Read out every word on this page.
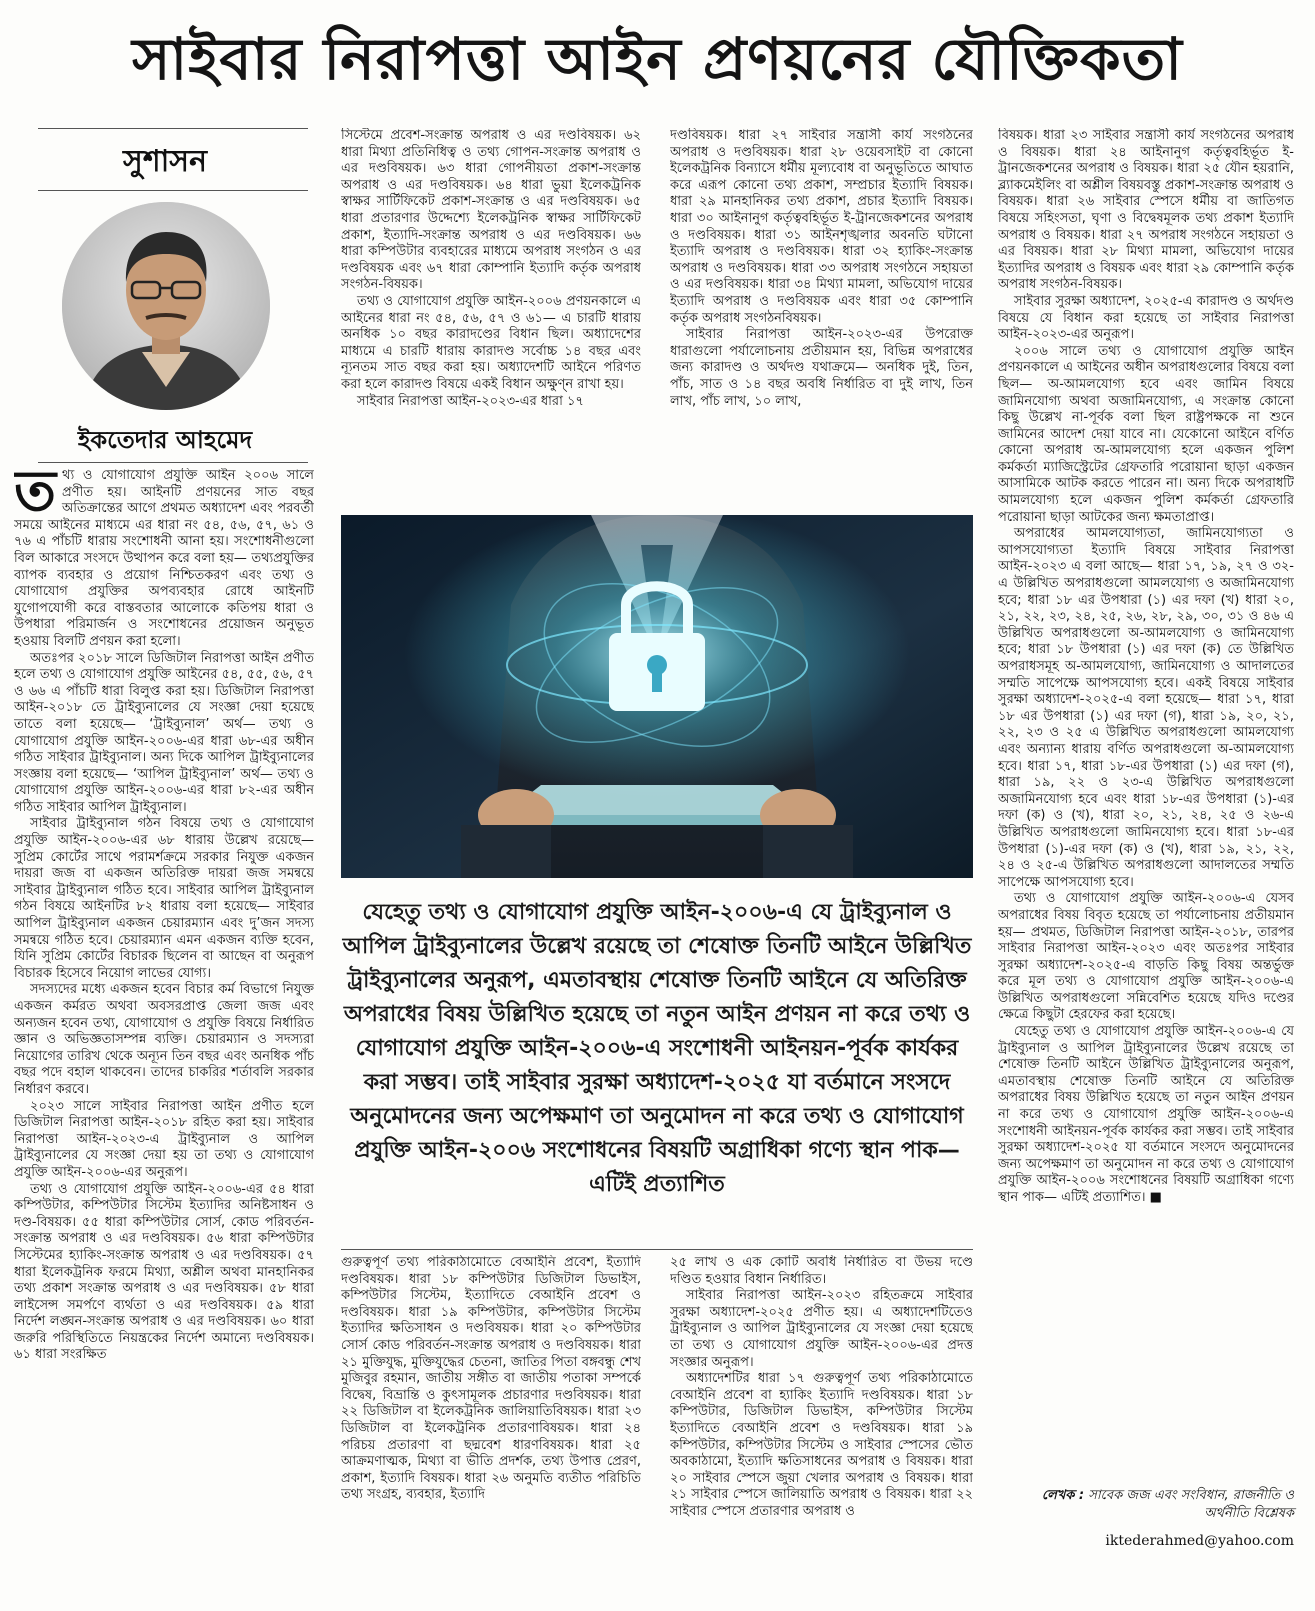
সাইবার নিরাপত্তা আইন প্রণয়নের যৌক্তিকতা
সুশাসন
ইকতেদার আহমেদ

তথ্য ও যোগাযোগ প্রযুক্তি আইন ২০০৬ সালে প্রণীত হয়। আইনটি প্রণয়নের সাত বছর অতিক্রান্তের আগে প্রথমত অধ্যাদেশ এবং পরবর্তী সময়ে আইনের মাধ্যমে এর ধারা নং ৫৪, ৫৬, ৫৭, ৬১ ও ৭৬ এ পাঁচটি ধারায় সংশোধনী আনা হয়। সংশোধনীগুলো বিল আকারে সংসদে উত্থাপন করে বলা হয়— তথ্যপ্রযুক্তির ব্যাপক ব্যবহার ও প্রয়োগ নিশ্চিতকরণ এবং তথ্য ও যোগাযোগ প্রযুক্তির অপব্যবহার রোধে আইনটি যুগোপযোগী করে বাস্তবতার আলোকে কতিপয় ধারা ও উপধারা পরিমার্জন ও সংশোধনের প্রয়োজন অনুভূত হওয়ায় বিলটি প্রণয়ন করা হলো।

অতঃপর ২০১৮ সালে ডিজিটাল নিরাপত্তা আইন প্রণীত হলে তথ্য ও যোগাযোগ প্রযুক্তি আইনের ৫৪, ৫৫, ৫৬, ৫৭ ও ৬৬ এ পাঁচটি ধারা বিলুপ্ত করা হয়। ডিজিটাল নিরাপত্তা আইন-২০১৮ তে ট্রাইব্যুনালের যে সংজ্ঞা দেয়া হয়েছে তাতে বলা হয়েছে— ‘ট্রাইব্যুনাল’ অর্থ— তথ্য ও যোগাযোগ প্রযুক্তি আইন-২০০৬-এর ধারা ৬৮-এর অধীন গঠিত সাইবার ট্রাইব্যুনাল। অন্য দিকে আপিল ট্রাইব্যুনালের সংজ্ঞায় বলা হয়েছে— ‘আপিল ট্রাইব্যুনাল’ অর্থ— তথ্য ও যোগাযোগ প্রযুক্তি আইন-২০০৬-এর ধারা ৮২-এর অধীন গঠিত সাইবার আপিল ট্রাইব্যুনাল।

সাইবার ট্রাইব্যুনাল গঠন বিষয়ে তথ্য ও যোগাযোগ প্রযুক্তি আইন-২০০৬-এর ৬৮ ধারায় উল্লেখ রয়েছে— সুপ্রিম কোর্টের সাথে পরামর্শক্রমে সরকার নিযুক্ত একজন দায়রা জজ বা একজন অতিরিক্ত দায়রা জজ সমন্বয়ে সাইবার ট্রাইব্যুনাল গঠিত হবে। সাইবার আপিল ট্রাইব্যুনাল গঠন বিষয়ে আইনটির ৮২ ধারায় বলা হয়েছে— সাইবার আপিল ট্রাইব্যুনাল একজন চেয়ারম্যান এবং দু’জন সদস্য সমন্বয়ে গঠিত হবে। চেয়ারম্যান এমন একজন ব্যক্তি হবেন, যিনি সুপ্রিম কোর্টের বিচারক ছিলেন বা আছেন বা অনুরূপ বিচারক হিসেবে নিয়োগ লাভের যোগ্য।

সদস্যদের মধ্যে একজন হবেন বিচার কর্ম বিভাগে নিযুক্ত একজন কর্মরত অথবা অবসরপ্রাপ্ত জেলা জজ এবং অন্যজন হবেন তথ্য, যোগাযোগ ও প্রযুক্তি বিষয়ে নির্ধারিত জ্ঞান ও অভিজ্ঞতাসম্পন্ন ব্যক্তি। চেয়ারম্যান ও সদস্যরা নিয়োগের তারিখ থেকে অন্যূন তিন বছর এবং অনধিক পাঁচ বছর পদে বহাল থাকবেন। তাদের চাকরির শর্তাবলি সরকার নির্ধারণ করবে।

২০২৩ সালে সাইবার নিরাপত্তা আইন প্রণীত হলে ডিজিটাল নিরাপত্তা আইন-২০১৮ রহিত করা হয়। সাইবার নিরাপত্তা আইন-২০২৩-এ ট্রাইব্যুনাল ও আপিল ট্রাইব্যুনালের যে সংজ্ঞা দেয়া হয় তা তথ্য ও যোগাযোগ প্রযুক্তি আইন-২০০৬-এর অনুরূপ।

তথ্য ও যোগাযোগ প্রযুক্তি আইন-২০০৬-এর ৫৪ ধারা কম্পিউটার, কম্পিউটার সিস্টেম ইত্যাদির অনিষ্টসাধন ও দণ্ড-বিষয়ক। ৫৫ ধারা কম্পিউটার সোর্স, কোড পরিবর্তন-সংক্রান্ত অপরাধ ও এর দণ্ডবিষয়ক। ৫৬ ধারা কম্পিউটার সিস্টেমের হ্যাকিং-সংক্রান্ত অপরাধ ও এর দণ্ডবিষয়ক। ৫৭ ধারা ইলেকট্রনিক ফরমে মিথ্যা, অশ্লীল অথবা মানহানিকর তথ্য প্রকাশ সংক্রান্ত অপরাধ ও এর দণ্ডবিষয়ক। ৫৮ ধারা লাইসেন্স সমর্পণে ব্যর্থতা ও এর দণ্ডবিষয়ক। ৫৯ ধারা নির্দেশ লঙ্ঘন-সংক্রান্ত অপরাধ ও এর দণ্ডবিষয়ক। ৬০ ধারা জরুরি পরিস্থিতিতে নিয়ন্ত্রকের নির্দেশ অমান্যে দণ্ডবিষয়ক। ৬১ ধারা সংরক্ষিত

সিস্টেমে প্রবেশ-সংক্রান্ত অপরাধ ও এর দণ্ডবিষয়ক। ৬২ ধারা মিথ্যা প্রতিনিধিত্ব ও তথ্য গোপন-সংক্রান্ত অপরাধ ও এর দণ্ডবিষয়ক। ৬৩ ধারা গোপনীয়তা প্রকাশ-সংক্রান্ত অপরাধ ও এর দণ্ডবিষয়ক। ৬৪ ধারা ভুয়া ইলেকট্রনিক স্বাক্ষর সার্টিফিকেট প্রকাশ-সংক্রান্ত ও এর দণ্ডবিষয়ক। ৬৫ ধারা প্রতারণার উদ্দেশ্যে ইলেকট্রনিক স্বাক্ষর সার্টিফিকেট প্রকাশ, ইত্যাদি-সংক্রান্ত অপরাধ ও এর দণ্ডবিষয়ক। ৬৬ ধারা কম্পিউটার ব্যবহারের মাধ্যমে অপরাধ সংগঠন ও এর দণ্ডবিষয়ক এবং ৬৭ ধারা কোম্পানি ইত্যাদি কর্তৃক অপরাধ সংগঠন-বিষয়ক।

তথ্য ও যোগাযোগ প্রযুক্তি আইন-২০০৬ প্রণয়নকালে এ আইনের ধারা নং ৫৪, ৫৬, ৫৭ ও ৬১— এ চারটি ধারায় অনধিক ১০ বছর কারাদণ্ডের বিধান ছিল। অধ্যাদেশের মাধ্যমে এ চারটি ধারায় কারাদণ্ড সর্বোচ্চ ১৪ বছর এবং ন্যূনতম সাত বছর করা হয়। অধ্যাদেশটি আইনে পরিণত করা হলে কারাদণ্ড বিষয়ে একই বিধান অক্ষুণ্ন রাখা হয়।

সাইবার নিরাপত্তা আইন-২০২৩-এর ধারা ১৭

দণ্ডবিষয়ক। ধারা ২৭ সাইবার সন্ত্রাসী কার্য সংগঠনের অপরাধ ও দণ্ডবিষয়ক। ধারা ২৮ ওয়েবসাইট বা কোনো ইলেকট্রনিক বিন্যাসে ধর্মীয় মূল্যবোধ বা অনুভূতিতে আঘাত করে এরূপ কোনো তথ্য প্রকাশ, সম্প্রচার ইত্যাদি বিষয়ক। ধারা ২৯ মানহানিকর তথ্য প্রকাশ, প্রচার ইত্যাদি বিষয়ক। ধারা ৩০ আইনানুগ কর্তৃত্ববহির্ভূত ই-ট্রানজেকশনের অপরাধ ও দণ্ডবিষয়ক। ধারা ৩১ আইনশৃঙ্খলার অবনতি ঘটানো ইত্যাদি অপরাধ ও দণ্ডবিষয়ক। ধারা ৩২ হ্যাকিং-সংক্রান্ত অপরাধ ও দণ্ডবিষয়ক। ধারা ৩৩ অপরাধ সংগঠনে সহায়তা ও এর দণ্ডবিষয়ক। ধারা ৩৪ মিথ্যা মামলা, অভিযোগ দায়ের ইত্যাদি অপরাধ ও দণ্ডবিষয়ক এবং ধারা ৩৫ কোম্পানি কর্তৃক অপরাধ সংগঠনবিষয়ক।

সাইবার নিরাপত্তা আইন-২০২৩-এর উপরোক্ত ধারাগুলো পর্যালোচনায় প্রতীয়মান হয়, বিভিন্ন অপরাধের জন্য কারাদণ্ড ও অর্থদণ্ড যথাক্রমে— অনধিক দুই, তিন, পাঁচ, সাত ও ১৪ বছর অবধি নির্ধারিত বা দুই লাখ, তিন লাখ, পাঁচ লাখ, ১০ লাখ,

যেহেতু তথ্য ও যোগাযোগ প্রযুক্তি আইন-২০০৬-এ যে ট্রাইব্যুনাল ও আপিল ট্রাইব্যুনালের উল্লেখ রয়েছে তা শেষোক্ত তিনটি আইনে উল্লিখিত ট্রাইব্যুনালের অনুরূপ, এমতাবস্থায় শেষোক্ত তিনটি আইনে যে অতিরিক্ত অপরাধের বিষয় উল্লিখিত হয়েছে তা নতুন আইন প্রণয়ন না করে তথ্য ও যোগাযোগ প্রযুক্তি আইন-২০০৬-এ সংশোধনী আইনয়ন-পূর্বক কার্যকর করা সম্ভব। তাই সাইবার সুরক্ষা অধ্যাদেশ-২০২৫ যা বর্তমানে সংসদে অনুমোদনের জন্য অপেক্ষমাণ তা অনুমোদন না করে তথ্য ও যোগাযোগ প্রযুক্তি আইন-২০০৬ সংশোধনের বিষয়টি অগ্রাধিকা গণ্যে স্থান পাক— এটিই প্রত্যাশিত

গুরুত্বপূর্ণ তথ্য পরিকাঠামোতে বেআইনি প্রবেশ, ইত্যাদি দণ্ডবিষয়ক। ধারা ১৮ কম্পিউটার ডিজিটাল ডিভাইস, কম্পিউটার সিস্টেম, ইত্যাদিতে বেআইনি প্রবেশ ও দণ্ডবিষয়ক। ধারা ১৯ কম্পিউটার, কম্পিউটার সিস্টেম ইত্যাদির ক্ষতিসাধন ও দণ্ডবিষয়ক। ধারা ২০ কম্পিউটার সোর্স কোড পরিবর্তন-সংক্রান্ত অপরাধ ও দণ্ডবিষয়ক। ধারা ২১ মুক্তিযুদ্ধ, মুক্তিযুদ্ধের চেতনা, জাতির পিতা বঙ্গবন্ধু শেখ মুজিবুর রহমান, জাতীয় সঙ্গীত বা জাতীয় পতাকা সম্পর্কে বিদ্বেষ, বিভ্রান্তি ও কুৎসামূলক প্রচারণার দণ্ডবিষয়ক। ধারা ২২ ডিজিটাল বা ইলেকট্রনিক জালিয়াতিবিষয়ক। ধারা ২৩ ডিজিটাল বা ইলেকট্রনিক প্রতারণাবিষয়ক। ধারা ২৪ পরিচয় প্রতারণা বা ছদ্মবেশ ধারণবিষয়ক। ধারা ২৫ আক্রমণাত্মক, মিথ্যা বা ভীতি প্রদর্শক, তথ্য উপাত্ত প্রেরণ, প্রকাশ, ইত্যাদি বিষয়ক। ধারা ২৬ অনুমতি ব্যতীত পরিচিতি তথ্য সংগ্রহ, ব্যবহার, ইত্যাদি

২৫ লাখ ও এক কোটি অবধি নির্ধারিত বা উভয় দণ্ডে দণ্ডিত হওয়ার বিধান নির্ধারিত।

সাইবার নিরাপত্তা আইন-২০২৩ রহিতক্রমে সাইবার সুরক্ষা অধ্যাদেশ-২০২৫ প্রণীত হয়। এ অধ্যাদেশটিতেও ট্রাইব্যুনাল ও আপিল ট্রাইব্যুনালের যে সংজ্ঞা দেয়া হয়েছে তা তথ্য ও যোগাযোগ প্রযুক্তি আইন-২০০৬-এর প্রদত্ত সংজ্ঞার অনুরূপ।

অধ্যাদেশটির ধারা ১৭ গুরুত্বপূর্ণ তথ্য পরিকাঠামোতে বেআইনি প্রবেশ বা হ্যাকিং ইত্যাদি দণ্ডবিষয়ক। ধারা ১৮ কম্পিউটার, ডিজিটাল ডিভাইস, কম্পিউটার সিস্টেম ইত্যাদিতে বেআইনি প্রবেশ ও দণ্ডবিষয়ক। ধারা ১৯ কম্পিউটার, কম্পিউটার সিস্টেম ও সাইবার স্পেসের ভৌত অবকাঠামো, ইত্যাদি ক্ষতিসাধনের অপরাধ ও বিষয়ক। ধারা ২০ সাইবার স্পেসে জুয়া খেলার অপরাধ ও বিষয়ক। ধারা ২১ সাইবার স্পেসে জালিয়াতি অপরাধ ও বিষয়ক। ধারা ২২ সাইবার স্পেসে প্রতারণার অপরাধ ও

বিষয়ক। ধারা ২৩ সাইবার সন্ত্রাসী কার্য সংগঠনের অপরাধ ও বিষয়ক। ধারা ২৪ আইনানুগ কর্তৃত্ববহির্ভূত ই-ট্রানজেকশনের অপরাধ ও বিষয়ক। ধারা ২৫ যৌন হয়রানি, ব্ল্যাকমেইলিং বা অশ্লীল বিষয়বস্তু প্রকাশ-সংক্রান্ত অপরাধ ও বিষয়ক। ধারা ২৬ সাইবার স্পেসে ধর্মীয় বা জাতিগত বিষয়ে সহিংসতা, ঘৃণা ও বিদ্বেষমূলক তথ্য প্রকাশ ইত্যাদি অপরাধ ও বিষয়ক। ধারা ২৭ অপরাধ সংগঠনে সহায়তা ও এর বিষয়ক। ধারা ২৮ মিথ্যা মামলা, অভিযোগ দায়ের ইত্যাদির অপরাধ ও বিষয়ক এবং ধারা ২৯ কোম্পানি কর্তৃক অপরাধ সংগঠন-বিষয়ক।

সাইবার সুরক্ষা অধ্যাদেশ, ২০২৫-এ কারাদণ্ড ও অর্থদণ্ড বিষয়ে যে বিধান করা হয়েছে তা সাইবার নিরাপত্তা আইন-২০২৩-এর অনুরূপ।

২০০৬ সালে তথ্য ও যোগাযোগ প্রযুক্তি আইন প্রণয়নকালে এ আইনের অধীন অপরাধগুলোর বিষয়ে বলা ছিল— অ-আমলযোগ্য হবে এবং জামিন বিষয়ে জামিনযোগ্য অথবা অজামিনযোগ্য, এ সংক্রান্ত কোনো কিছু উল্লেখ না-পূর্বক বলা ছিল রাষ্ট্রপক্ষকে না শুনে জামিনের আদেশ দেয়া যাবে না। যেকোনো আইনে বর্ণিত কোনো অপরাধ অ-আমলযোগ্য হলে একজন পুলিশ কর্মকর্তা ম্যাজিস্ট্রেটের গ্রেফতারি পরোয়ানা ছাড়া একজন আসামিকে আটক করতে পারেন না। অন্য দিকে অপরাধটি আমলযোগ্য হলে একজন পুলিশ কর্মকর্তা গ্রেফতারি পরোয়ানা ছাড়া আটকের জন্য ক্ষমতাপ্রাপ্ত।

অপরাধের আমলযোগ্যতা, জামিনযোগ্যতা ও আপসযোগ্যতা ইত্যাদি বিষয়ে সাইবার নিরাপত্তা আইন-২০২৩ এ বলা আছে— ধারা ১৭, ১৯, ২৭ ও ৩২-এ উল্লিখিত অপরাধগুলো আমলযোগ্য ও অজামিনযোগ্য হবে; ধারা ১৮ এর উপধারা (১) এর দফা (খ) ধারা ২০, ২১, ২২, ২৩, ২৪, ২৫, ২৬, ২৮, ২৯, ৩০, ৩১ ও ৪৬ এ উল্লিখিত অপরাধগুলো অ-আমলযোগ্য ও জামিনযোগ্য হবে; ধারা ১৮ উপধারা (১) এর দফা (ক) তে উল্লিখিত অপরাধসমূহ অ-আমলযোগ্য, জামিনযোগ্য ও আদালতের সম্মতি সাপেক্ষে আপসযোগ্য হবে। একই বিষয়ে সাইবার সুরক্ষা অধ্যাদেশ-২০২৫-এ বলা হয়েছে— ধারা ১৭, ধারা ১৮ এর উপধারা (১) এর দফা (গ), ধারা ১৯, ২০, ২১, ২২, ২৩ ও ২৫ এ উল্লিখিত অপরাধগুলো আমলযোগ্য এবং অন্যান্য ধারায় বর্ণিত অপরাধগুলো অ-আমলযোগ্য হবে। ধারা ১৭, ধারা ১৮-এর উপধারা (১) এর দফা (গ), ধারা ১৯, ২২ ও ২৩-এ উল্লিখিত অপরাধগুলো অজামিনযোগ্য হবে এবং ধারা ১৮-এর উপধারা (১)-এর দফা (ক) ও (খ), ধারা ২০, ২১, ২৪, ২৫ ও ২৬-এ উল্লিখিত অপরাধগুলো জামিনযোগ্য হবে। ধারা ১৮-এর উপধারা (১)-এর দফা (ক) ও (খ), ধারা ১৯, ২১, ২২, ২৪ ও ২৫-এ উল্লিখিত অপরাধগুলো আদালতের সম্মতি সাপেক্ষে আপসযোগ্য হবে।

তথ্য ও যোগাযোগ প্রযুক্তি আইন-২০০৬-এ যেসব অপরাধের বিষয় বিবৃত হয়েছে তা পর্যালোচনায় প্রতীয়মান হয়— প্রথমত, ডিজিটাল নিরাপত্তা আইন-২০১৮, তারপর সাইবার নিরাপত্তা আইন-২০২৩ এবং অতঃপর সাইবার সুরক্ষা অধ্যাদেশ-২০২৫-এ বাড়তি কিছু বিষয় অন্তর্ভুক্ত করে মূল তথ্য ও যোগাযোগ প্রযুক্তি আইন-২০০৬-এ উল্লিখিত অপরাধগুলো সন্নিবেশিত হয়েছে যদিও দণ্ডের ক্ষেত্রে কিছুটা হেরফের করা হয়েছে।

যেহেতু তথ্য ও যোগাযোগ প্রযুক্তি আইন-২০০৬-এ যে ট্রাইব্যুনাল ও আপিল ট্রাইব্যুনালের উল্লেখ রয়েছে তা শেষোক্ত তিনটি আইনে উল্লিখিত ট্রাইব্যুনালের অনুরূপ, এমতাবস্থায় শেষোক্ত তিনটি আইনে যে অতিরিক্ত অপরাধের বিষয় উল্লিখিত হয়েছে তা নতুন আইন প্রণয়ন না করে তথ্য ও যোগাযোগ প্রযুক্তি আইন-২০০৬-এ সংশোধনী আইনয়ন-পূর্বক কার্যকর করা সম্ভব। তাই সাইবার সুরক্ষা অধ্যাদেশ-২০২৫ যা বর্তমানে সংসদে অনুমোদনের জন্য অপেক্ষমাণ তা অনুমোদন না করে তথ্য ও যোগাযোগ প্রযুক্তি আইন-২০০৬ সংশোধনের বিষয়টি অগ্রাধিকা গণ্যে স্থান পাক— এটিই প্রত্যাশিত। ■

লেখক : সাবেক জজ এবং সংবিধান, রাজনীতি ও অর্থনীতি বিশ্লেষক
iktederahmed@yahoo.com
